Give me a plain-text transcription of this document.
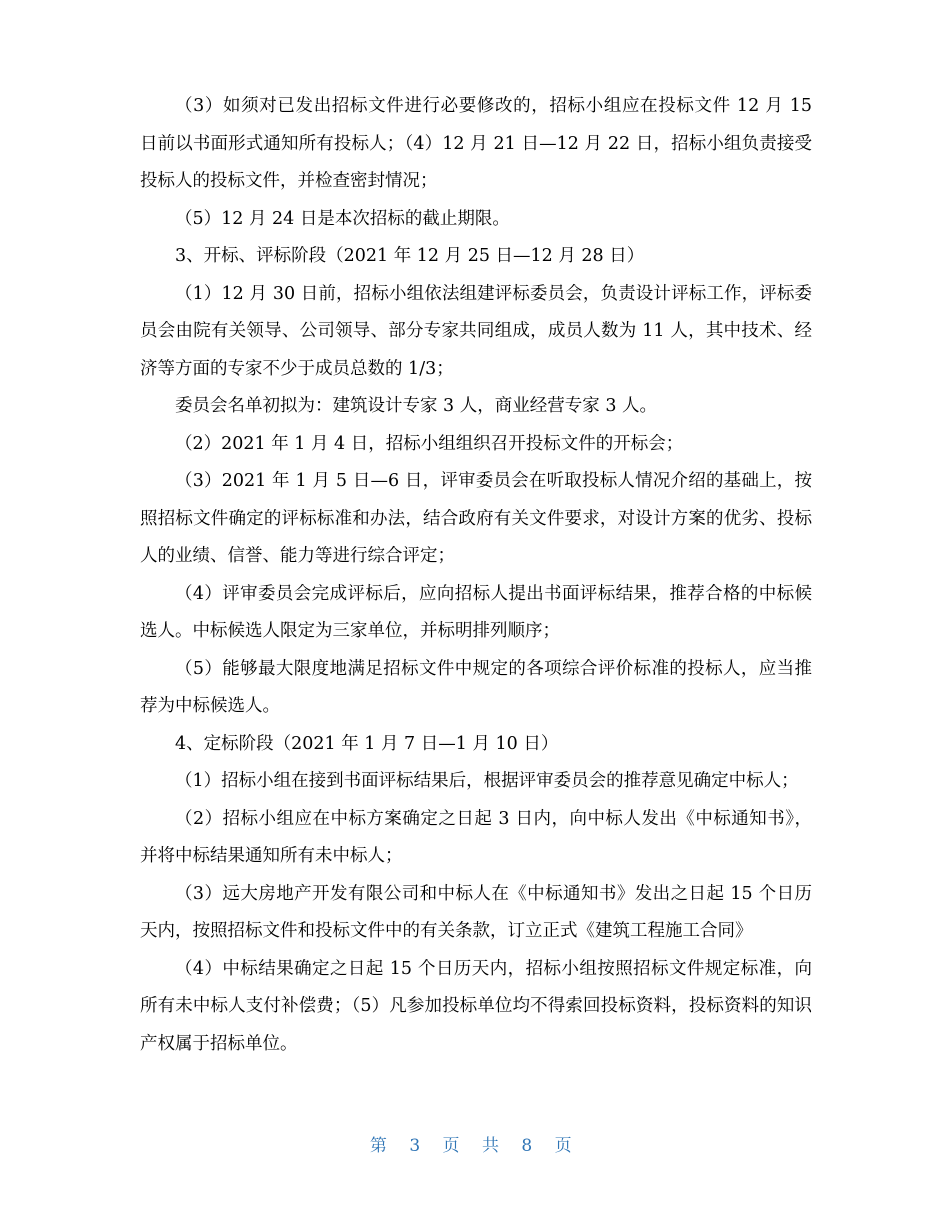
（3）如须对已发出招标文件进行必要修改的，招标小组应在投标文件 12 月 15 日前以书面形式通知所有投标人；（4）12 月 21 日—12 月 22 日，招标小组负责接受投标人的投标文件，并检查密封情况；

（5）12 月 24 日是本次招标的截止期限。

3、开标、评标阶段（2021 年 12 月 25 日—12 月 28 日）

（1）12 月 30 日前，招标小组依法组建评标委员会，负责设计评标工作，评标委员会由院有关领导、公司领导、部分专家共同组成，成员人数为 11 人，其中技术、经济等方面的专家不少于成员总数的 1/3；

委员会名单初拟为：建筑设计专家 3 人，商业经营专家 3 人。

（2）2021 年 1 月 4 日，招标小组组织召开投标文件的开标会；

（3）2021 年 1 月 5 日—6 日，评审委员会在听取投标人情况介绍的基础上，按照招标文件确定的评标标准和办法，结合政府有关文件要求，对设计方案的优劣、投标人的业绩、信誉、能力等进行综合评定；

（4）评审委员会完成评标后，应向招标人提出书面评标结果，推荐合格的中标候选人。中标候选人限定为三家单位，并标明排列顺序；

（5）能够最大限度地满足招标文件中规定的各项综合评价标准的投标人，应当推荐为中标候选人。

4、定标阶段（2021 年 1 月 7 日—1 月 10 日）

（1）招标小组在接到书面评标结果后，根据评审委员会的推荐意见确定中标人；

（2）招标小组应在中标方案确定之日起 3 日内，向中标人发出《中标通知书》，并将中标结果通知所有未中标人；

（3）远大房地产开发有限公司和中标人在《中标通知书》发出之日起 15 个日历天内，按照招标文件和投标文件中的有关条款，订立正式《建筑工程施工合同》

（4）中标结果确定之日起 15 个日历天内，招标小组按照招标文件规定标准，向所有未中标人支付补偿费；（5）凡参加投标单位均不得索回投标资料，投标资料的知识产权属于招标单位。

第 3 页 共 8 页
